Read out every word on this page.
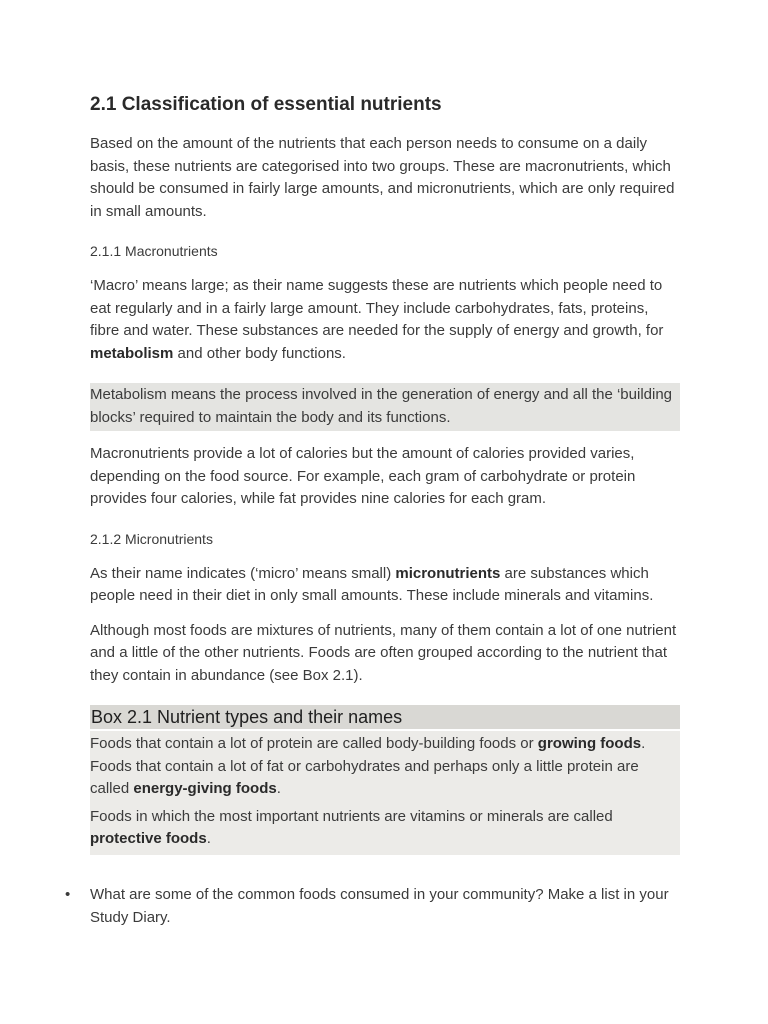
2.1 Classification of essential nutrients

Based on the amount of the nutrients that each person needs to consume on a daily basis, these nutrients are categorised into two groups. These are macronutrients, which should be consumed in fairly large amounts, and micronutrients, which are only required in small amounts.

2.1.1 Macronutrients

‘Macro’ means large; as their name suggests these are nutrients which people need to eat regularly and in a fairly large amount. They include carbohydrates, fats, proteins, fibre and water. These substances are needed for the supply of energy and growth, for metabolism and other body functions.

Metabolism means the process involved in the generation of energy and all the ‘building blocks’ required to maintain the body and its functions.

Macronutrients provide a lot of calories but the amount of calories provided varies, depending on the food source. For example, each gram of carbohydrate or protein provides four calories, while fat provides nine calories for each gram.

2.1.2 Micronutrients

As their name indicates (‘micro’ means small) micronutrients are substances which people need in their diet in only small amounts. These include minerals and vitamins.

Although most foods are mixtures of nutrients, many of them contain a lot of one nutrient and a little of the other nutrients. Foods are often grouped according to the nutrient that they contain in abundance (see Box 2.1).

Box 2.1 Nutrient types and their names

Foods that contain a lot of protein are called body-building foods or growing foods. Foods that contain a lot of fat or carbohydrates and perhaps only a little protein are called energy-giving foods.

Foods in which the most important nutrients are vitamins or minerals are called protective foods.

•	What are some of the common foods consumed in your community? Make a list in your Study Diary.
